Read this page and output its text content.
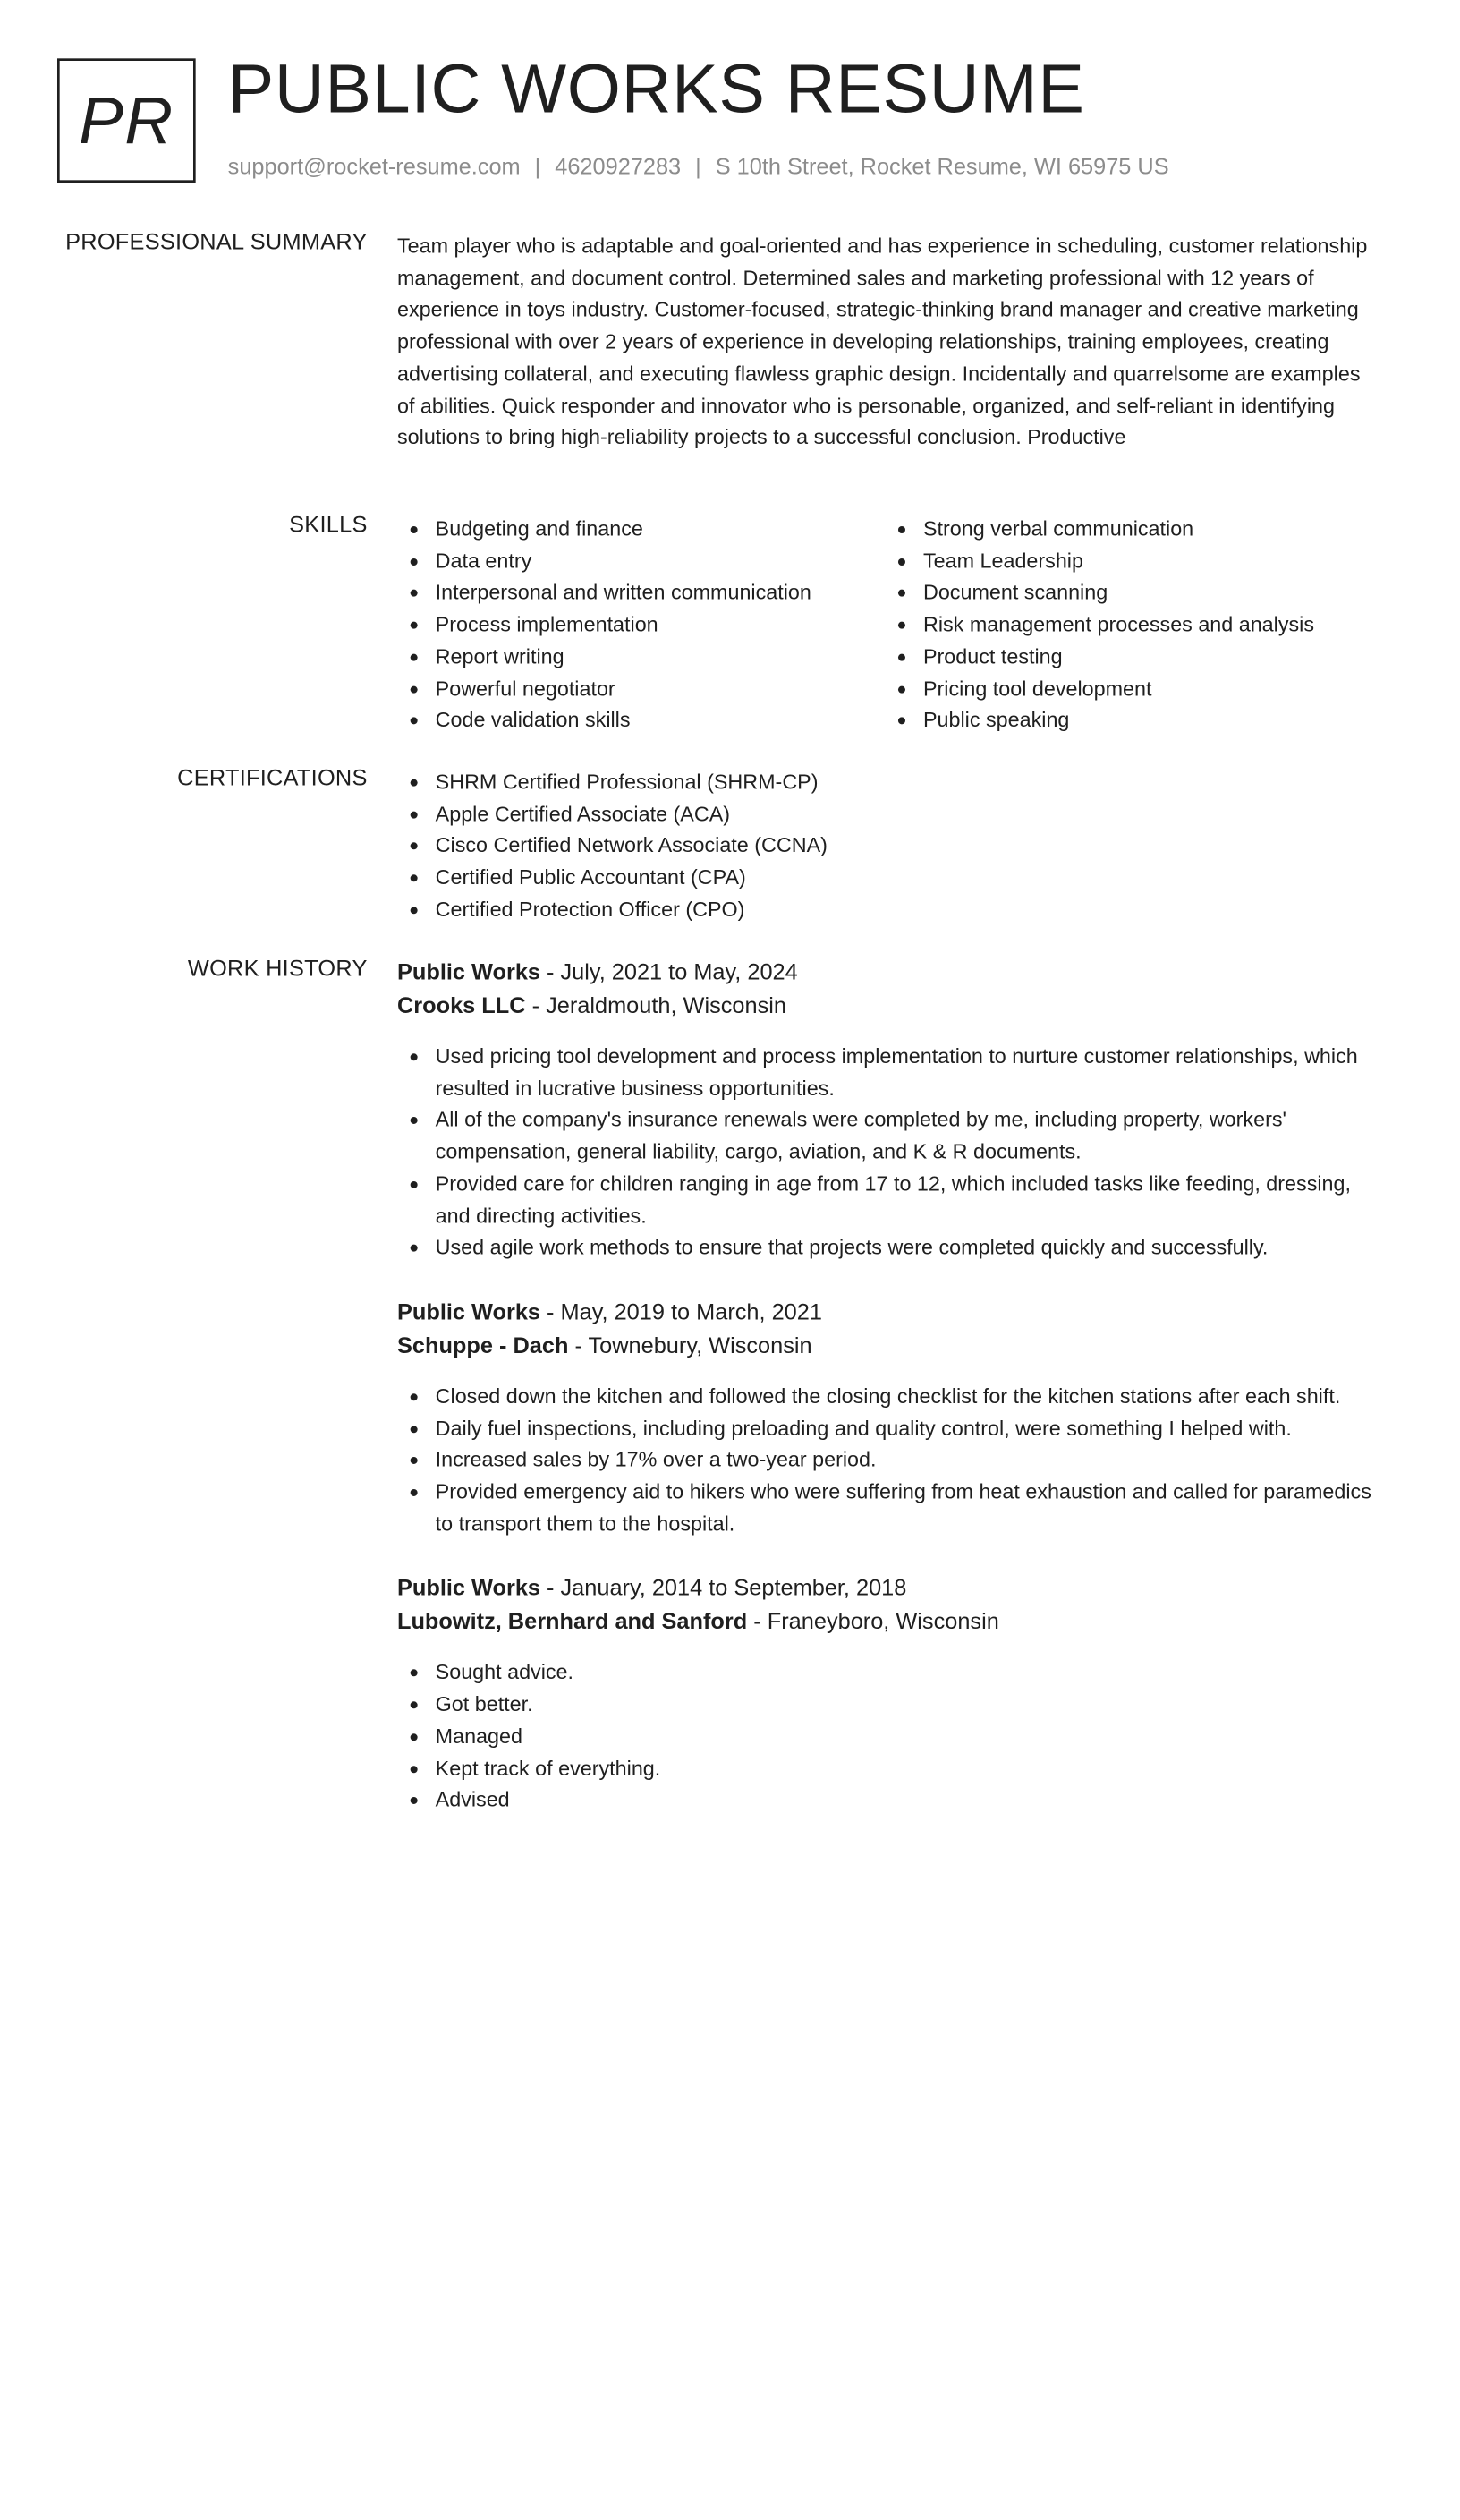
PR PUBLIC WORKS RESUME
support@rocket-resume.com | 4620927283 | S 10th Street, Rocket Resume, WI 65975 US
PROFESSIONAL SUMMARY Team player who is adaptable and goal-oriented and has experience in scheduling, customer relationship management, and document control. Determined sales and marketing professional with 12 years of experience in toys industry. Customer-focused, strategic-thinking brand manager and creative marketing professional with over 2 years of experience in developing relationships, training employees, creating advertising collateral, and executing flawless graphic design. Incidentally and quarrelsome are examples of abilities. Quick responder and innovator who is personable, organized, and self-reliant in identifying solutions to bring high-reliability projects to a successful conclusion. Productive
SKILLS	Budgeting and finance
Data entry
Interpersonal and written communication
Process implementation
Report writing
Powerful negotiator
Code validation skills
Strong verbal communication
Team Leadership
Document scanning
Risk management processes and analysis
Product testing
Pricing tool development
Public speaking
CERTIFICATIONS	SHRM Certified Professional (SHRM-CP)
Apple Certified Associate (ACA)
Cisco Certified Network Associate (CCNA)
Certified Public Accountant (CPA)
Certified Protection Officer (CPO)
WORK HISTORY Public Works - July, 2021 to May, 2024
Crooks LLC - Jeraldmouth, Wisconsin
Used pricing tool development and process implementation to nurture customer relationships, which resulted in lucrative business opportunities.
All of the company's insurance renewals were completed by me, including property, workers' compensation, general liability, cargo, aviation, and K & R documents.
Provided care for children ranging in age from 17 to 12, which included tasks like feeding, dressing, and directing activities.
Used agile work methods to ensure that projects were completed quickly and successfully.
Public Works - May, 2019 to March, 2021
Schuppe - Dach - Townebury, Wisconsin
Closed down the kitchen and followed the closing checklist for the kitchen stations after each shift.
Daily fuel inspections, including preloading and quality control, were something I helped with.
Increased sales by 17% over a two-year period.
Provided emergency aid to hikers who were suffering from heat exhaustion and called for paramedics to transport them to the hospital.
Public Works - January, 2014 to September, 2018
Lubowitz, Bernhard and Sanford - Franeyboro, Wisconsin
Sought advice.
Got better.
Managed
Kept track of everything.
Advised
